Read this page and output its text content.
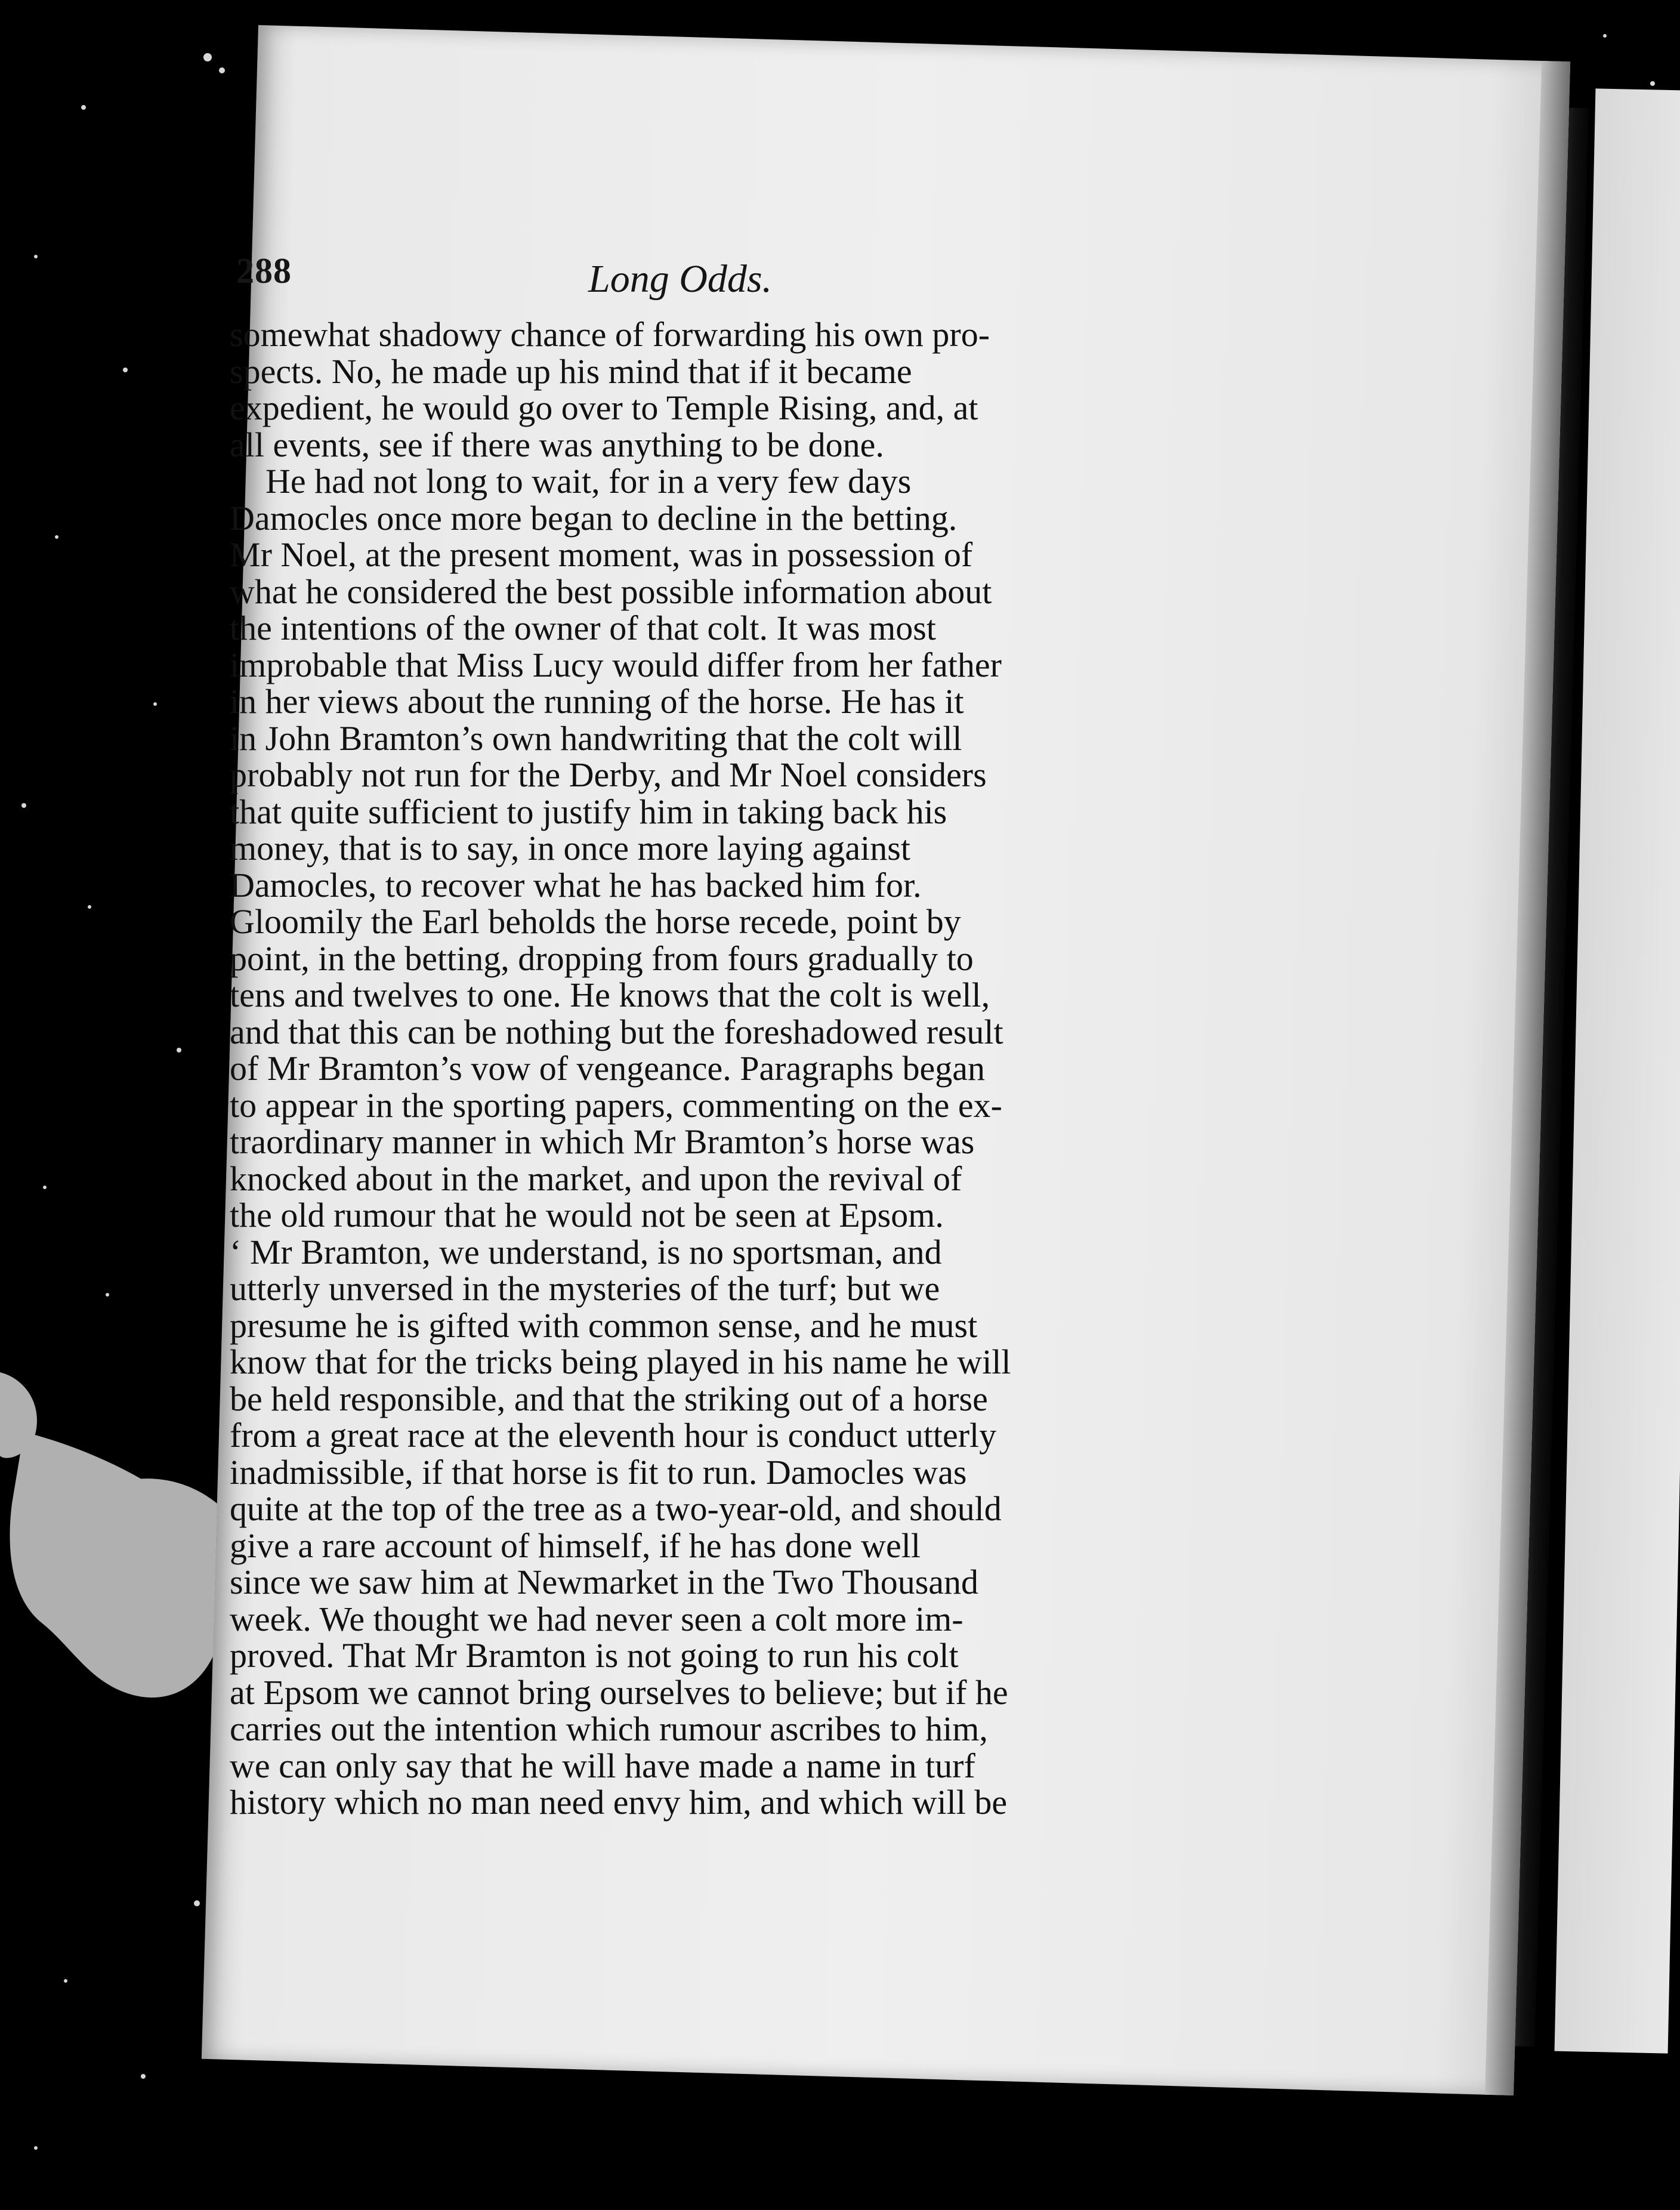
288	Long Odds.
somewhat shadowy chance of forwarding his own pro-
spects. No, he made up his mind that if it became
expedient, he would go over to Temple Rising, and, at
all events, see if there was anything to be done.
He had not long to wait, for in a very few days
Damocles once more began to decline in the betting.
Mr Noel, at the present moment, was in possession of
what he considered the best possible information about
the intentions of the owner of that colt. It was most
improbable that Miss Lucy would differ from her father
in her views about the running of the horse. He has it
in John Bramton’s own handwriting that the colt will
probably not run for the Derby, and Mr Noel considers
that quite sufficient to justify him in taking back his
money, that is to say, in once more laying against
Damocles, to recover what he has backed him for.
Gloomily the Earl beholds the horse recede, point by
point, in the betting, dropping from fours gradually to
tens and twelves to one. He knows that the colt is well,
and that this can be nothing but the foreshadowed result
of Mr Bramton’s vow of vengeance. Paragraphs began
to appear in the sporting papers, commenting on the ex-
traordinary manner in which Mr Bramton’s horse was
knocked about in the market, and upon the revival of
the old rumour that he would not be seen at Epsom.
‘ Mr Bramton, we understand, is no sportsman, and
utterly unversed in the mysteries of the turf; but we
presume he is gifted with common sense, and he must
know that for the tricks being played in his name he will
be held responsible, and that the striking out of a horse
from a great race at the eleventh hour is conduct utterly
inadmissible, if that horse is fit to run. Damocles was
quite at the top of the tree as a two-year-old, and should
give a rare account of himself, if he has done well
since we saw him at Newmarket in the Two Thousand
week. We thought we had never seen a colt more im-
proved. That Mr Bramton is not going to run his colt
at Epsom we cannot bring ourselves to believe; but if he
carries out the intention which rumour ascribes to him,
we can only say that he will have made a name in turf
history which no man need envy him, and which will be
